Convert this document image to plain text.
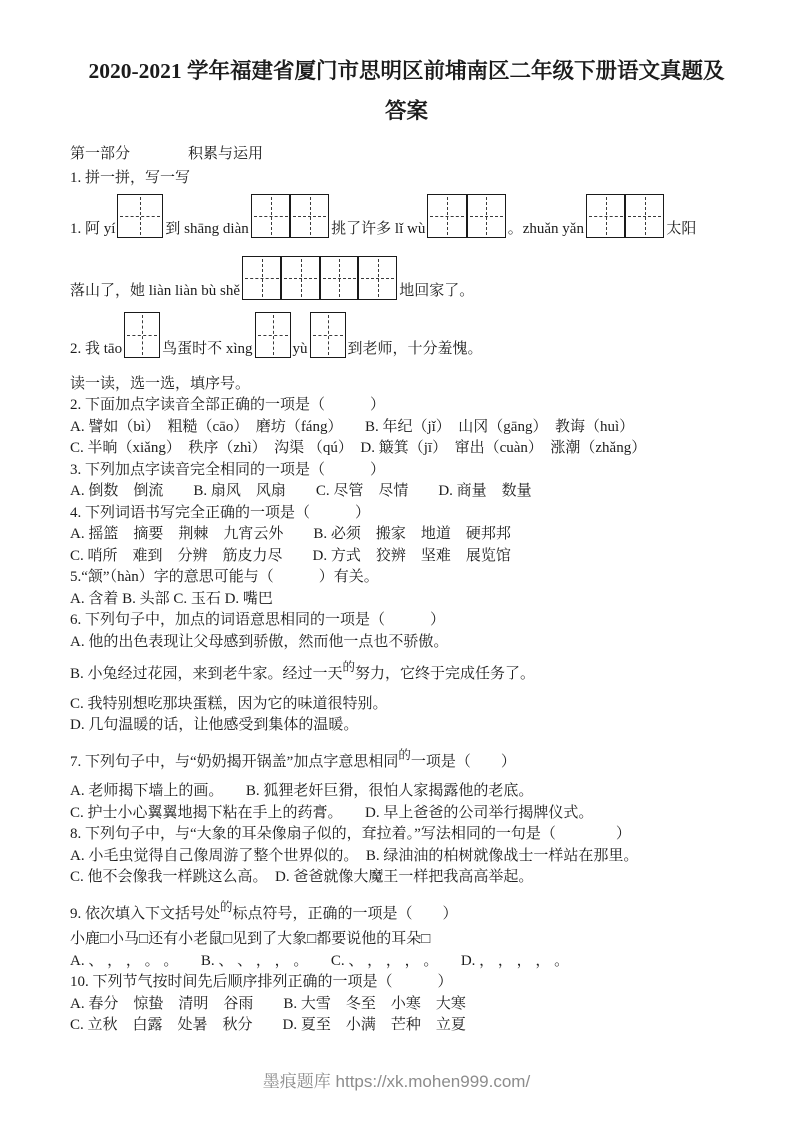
2020-2021 学年福建省厦门市思明区前埔南区二年级下册语文真题及

答案

第一部分	积累与运用

1. 拼一拼，写一写

1. 阿 yí	到 shāng diàn	挑了许多 lǐ wù	。zhuǎn yǎn	太阳
落山了，她 liàn liàn bù shě	地回家了。
2. 我 tāo	鸟蛋时不 xìng	yù	到老师，十分羞愧。

读一读，选一选，填序号。

2. 下面加点字读音全部正确的一项是（　　　）

A. 譬如（bì）　粗糙（cāo）　磨坊（fáng）　　B. 年纪（jǐ）　山冈（gāng）　教诲（huì）

C. 半晌（xiǎng）　秩序（zhì）　沟渠 （qú）　D. 簸箕（jī）　窜出（cuàn）　涨潮（zhǎng）

3. 下列加点字读音完全相同的一项是（　　　）

A. 倒数　倒流　　B. 扇风　风扇　　C. 尽管　尽情　　D. 商量　数量

4. 下列词语书写完全正确的一项是（　　　）

A. 摇篮　摘要　荆棘　九宵云外　　B. 必须　搬家　地道　硬邦邦

C. 哨所　难到　分辨　筋皮力尽　　D. 方式　狡辨　坚难　展览馆

5.“颔”（hàn）字的意思可能与（　　　）有关。

A. 含着 B. 头部 C. 玉石 D. 嘴巴

6. 下列句子中，加点的词语意思相同的一项是（　　　）

A. 他的出色表现让父母感到骄傲，然而他一点也不骄傲。

B. 小兔经过花园，来到老牛家。经过一天$^的$努力，它终于完成任务了。

C. 我特别想吃那块蛋糕，因为它的味道很特别。

D. 几句温暖的话，让他感受到集体的温暖。

7. 下列句子中，与“奶奶揭开锅盖”加点字意思相同$^的$一项是（　　）

A. 老师揭下墙上的画。　　B. 狐狸老奸巨猾，很怕人家揭露他的老底。

C. 护士小心翼翼地揭下粘在手上的药膏。　　D. 早上爸爸的公司举行揭牌仪式。

8. 下列句子中，与“大象的耳朵像扇子似的，耷拉着。”写法相同的一句是（　　　　）

A. 小毛虫觉得自己像周游了整个世界似的。　B. 绿油油的柏树就像战士一样站在那里。

C. 他不会像我一样跳这么高。　D. 爸爸就像大魔王一样把我高高举起。

9. 依次填入下文括号处$^的$标点符号，正确的一项是（　　）

小鹿□小马□还有小老鼠□见到了大象□都要说他的耳朵□

A. 、 ， ， 。 。　　B. 、 、 ， ， 。　　C. 、 ， ， ， 。　　D. ， ， ， ， 。

10. 下列节气按时间先后顺序排列正确的一项是（　　　）

A. 春分　惊蛰　清明　谷雨　　B. 大雪　冬至　小寒　大寒

C. 立秋　白露　处暑　秋分　　D. 夏至　小满　芒种　立夏

墨痕题库 https://xk.mohen999.com/
